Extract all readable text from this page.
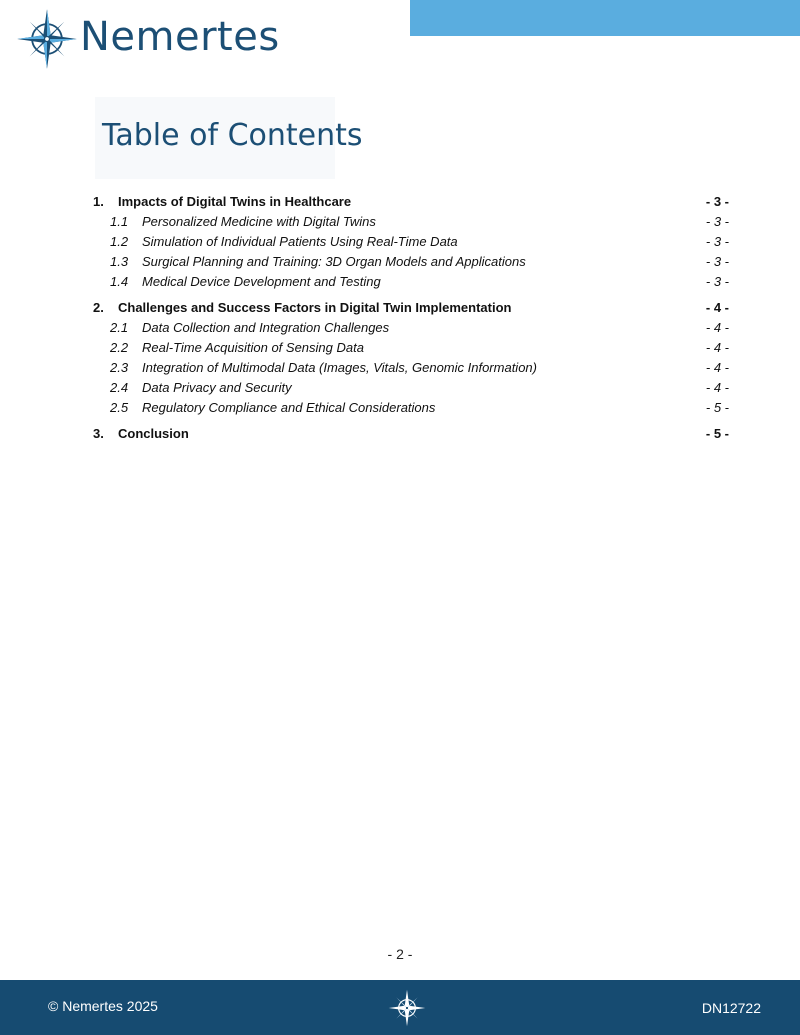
Nemertes
Table of Contents
1. Impacts of Digital Twins in Healthcare	- 3 -
1.1 Personalized Medicine with Digital Twins	- 3 -
1.2 Simulation of Individual Patients Using Real-Time Data	- 3 -
1.3 Surgical Planning and Training: 3D Organ Models and Applications	- 3 -
1.4 Medical Device Development and Testing	- 3 -
2. Challenges and Success Factors in Digital Twin Implementation	- 4 -
2.1 Data Collection and Integration Challenges	- 4 -
2.2 Real-Time Acquisition of Sensing Data	- 4 -
2.3 Integration of Multimodal Data (Images, Vitals, Genomic Information)	- 4 -
2.4 Data Privacy and Security	- 4 -
2.5 Regulatory Compliance and Ethical Considerations	- 5 -
3. Conclusion	- 5 -
- 2 -
© Nemertes 2025	DN12722
